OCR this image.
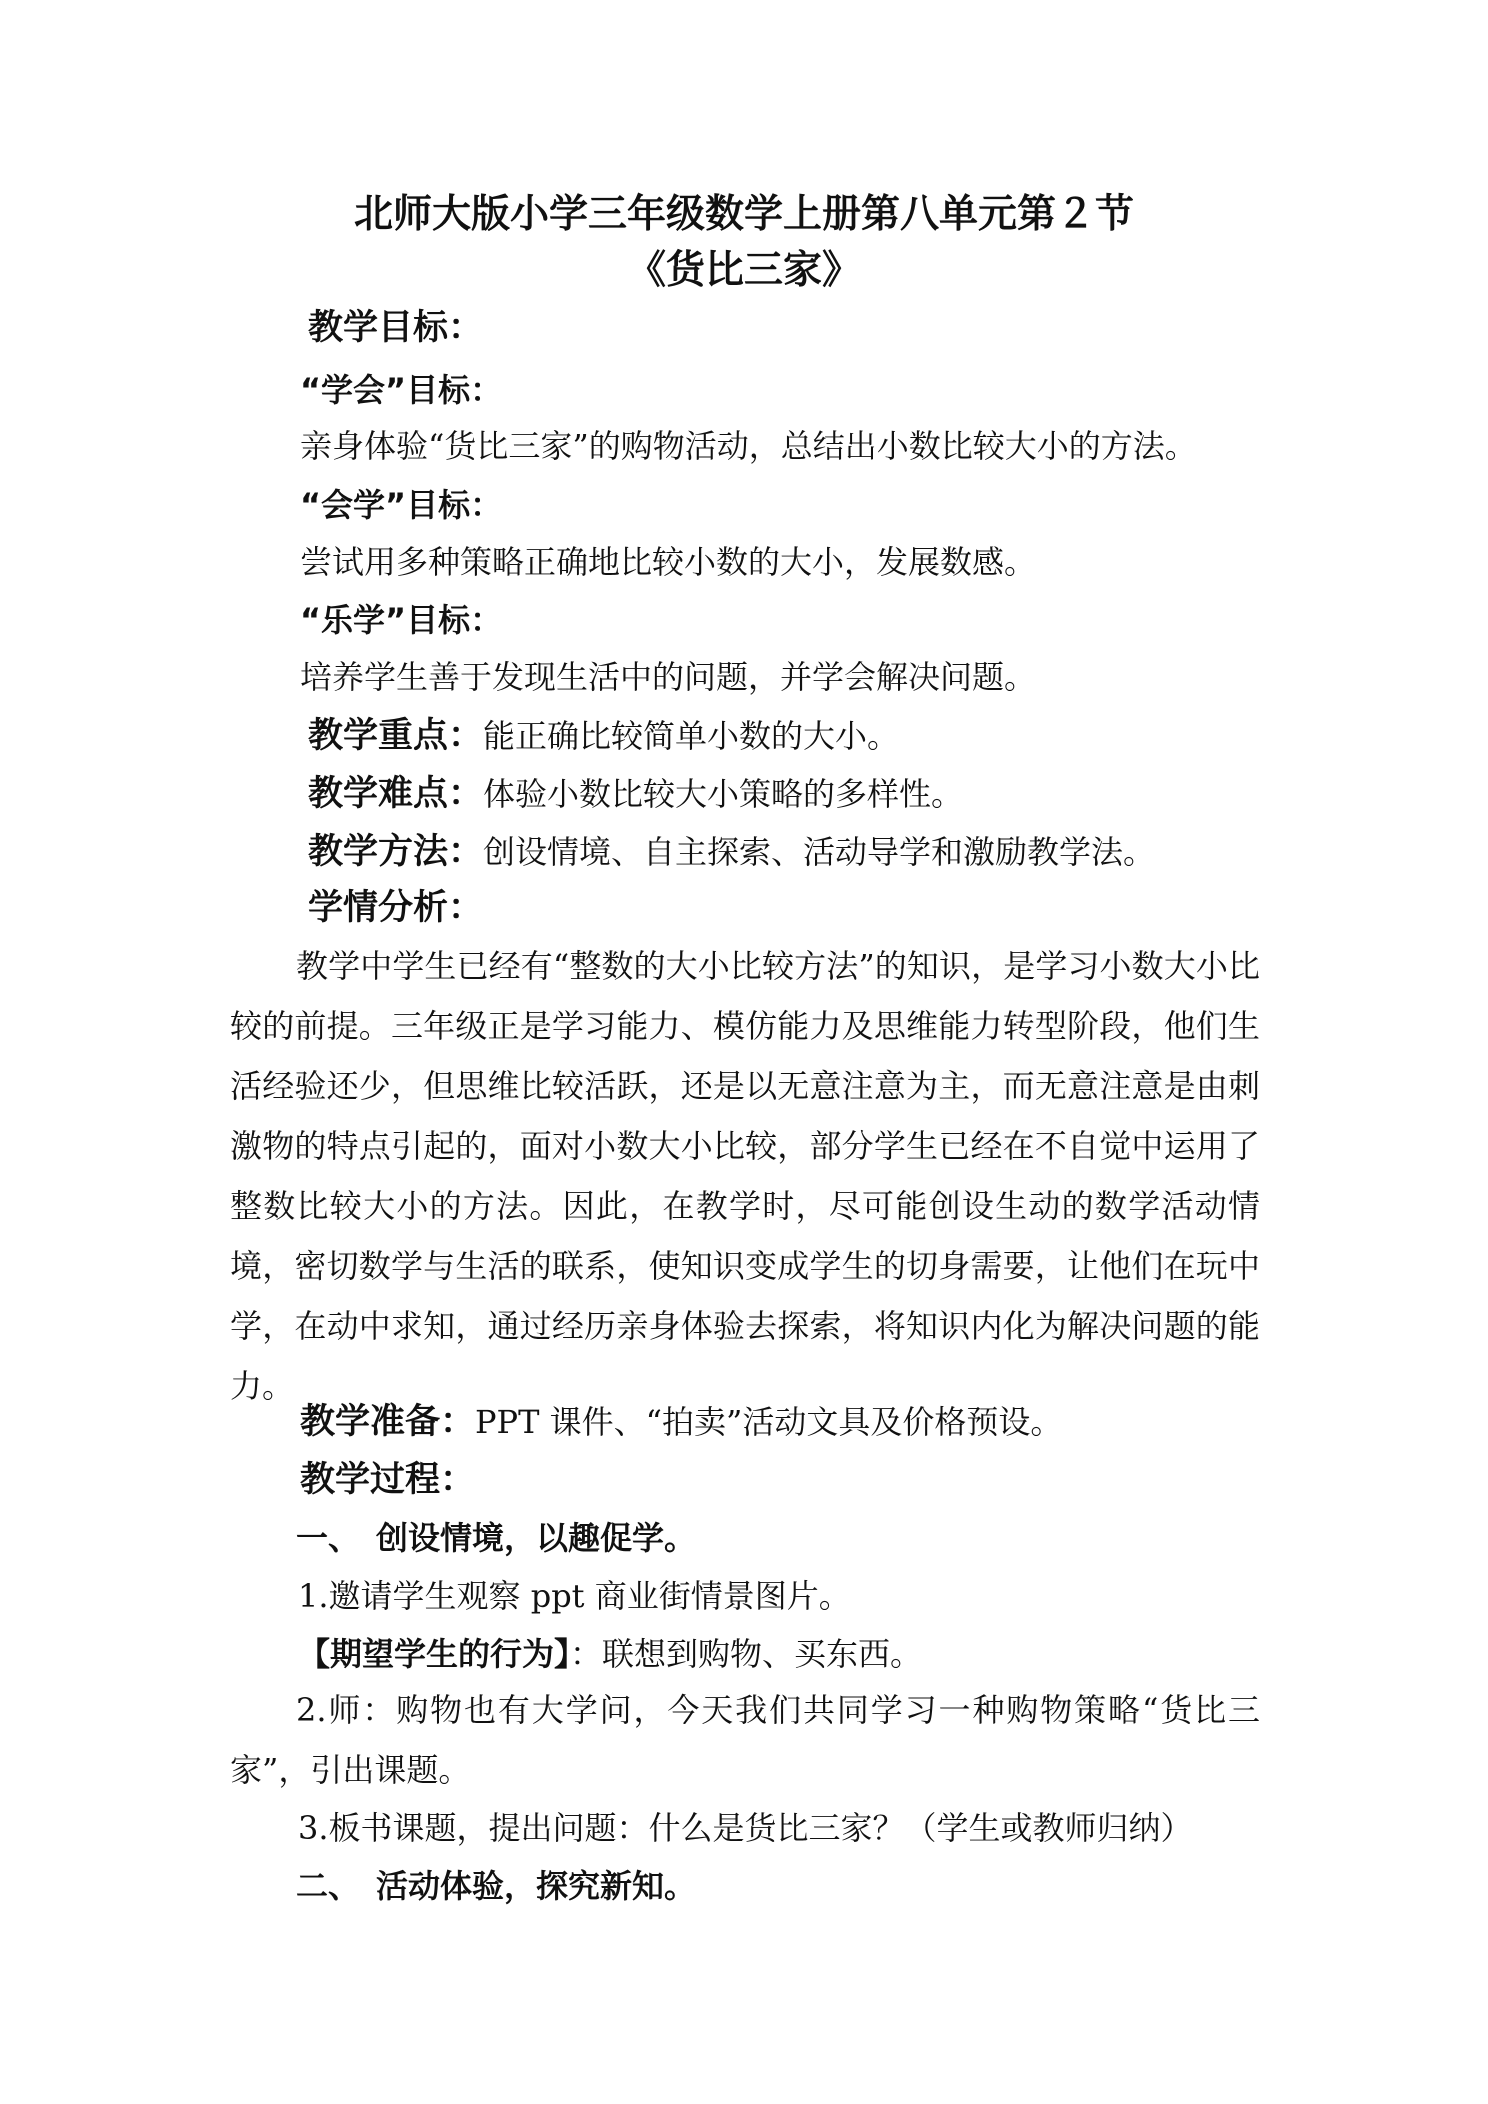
北师大版小学三年级数学上册第八单元第２节
《货比三家》
教学目标：
“学会”目标：
亲身体验“货比三家”的购物活动，总结出小数比较大小的方法。
“会学”目标：
尝试用多种策略正确地比较小数的大小，发展数感。
“乐学”目标：
培养学生善于发现生活中的问题，并学会解决问题。
教学重点：能正确比较简单小数的大小。
教学难点：体验小数比较大小策略的多样性。
教学方法：创设情境、自主探索、活动导学和激励教学法。
学情分析：

教学中学生已经有“整数的大小比较方法”的知识，是学习小数大小比较的前提。三年级正是学习能力、模仿能力及思维能力转型阶段，他们生活经验还少，但思维比较活跃，还是以无意注意为主，而无意注意是由刺激物的特点引起的，面对小数大小比较，部分学生已经在不自觉中运用了整数比较大小的方法。因此，在教学时，尽可能创设生动的数学活动情境，密切数学与生活的联系，使知识变成学生的切身需要，让他们在玩中学，在动中求知，通过经历亲身体验去探索，将知识内化为解决问题的能力。

教学准备：PPT 课件、“拍卖”活动文具及价格预设。
教学过程：
一、　创设情境，以趣促学。
1.邀请学生观察 ppt 商业街情景图片。
【期望学生的行为】：联想到购物、买东西。

2.师：购物也有大学问，今天我们共同学习一种购物策略“货比三家”，引出课题。

3.板书课题，提出问题：什么是货比三家？（学生或教师归纳）
二、　活动体验，探究新知。
